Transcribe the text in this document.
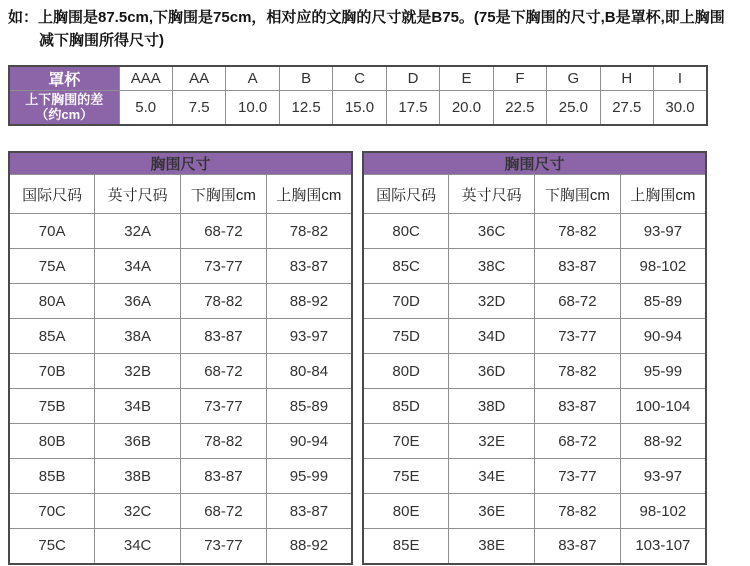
如：上胸围是87.5cm,下胸围是75cm，相对应的文胸的尺寸就是B75。(75是下胸围的尺寸,B是罩杯,即上胸围
减下胸围所得尺寸)
罩杯	AAA	AA	A	B	C	D	E	F	G	H	I
上下胸围的差
（约cm）	5.0	7.5	10.0	12.5	15.0	17.5	20.0	22.5	25.0	27.5	30.0
胸围尺寸			
国际尺码	英寸尺码	下胸围cm	上胸围cm
70A	32A	68-72	78-82
75A	34A	73-77	83-87
80A	36A	78-82	88-92
85A	38A	83-87	93-97
70B	32B	68-72	80-84
75B	34B	73-77	85-89
80B	36B	78-82	90-94
85B	38B	83-87	95-99
70C	32C	68-72	83-87
75C	34C	73-77	88-92
胸围尺寸			
国际尺码	英寸尺码	下胸围cm	上胸围cm
80C	36C	78-82	93-97
85C	38C	83-87	98-102
70D	32D	68-72	85-89
75D	34D	73-77	90-94
80D	36D	78-82	95-99
85D	38D	83-87	100-104
70E	32E	68-72	88-92
75E	34E	73-77	93-97
80E	36E	78-82	98-102
85E	38E	83-87	103-107
